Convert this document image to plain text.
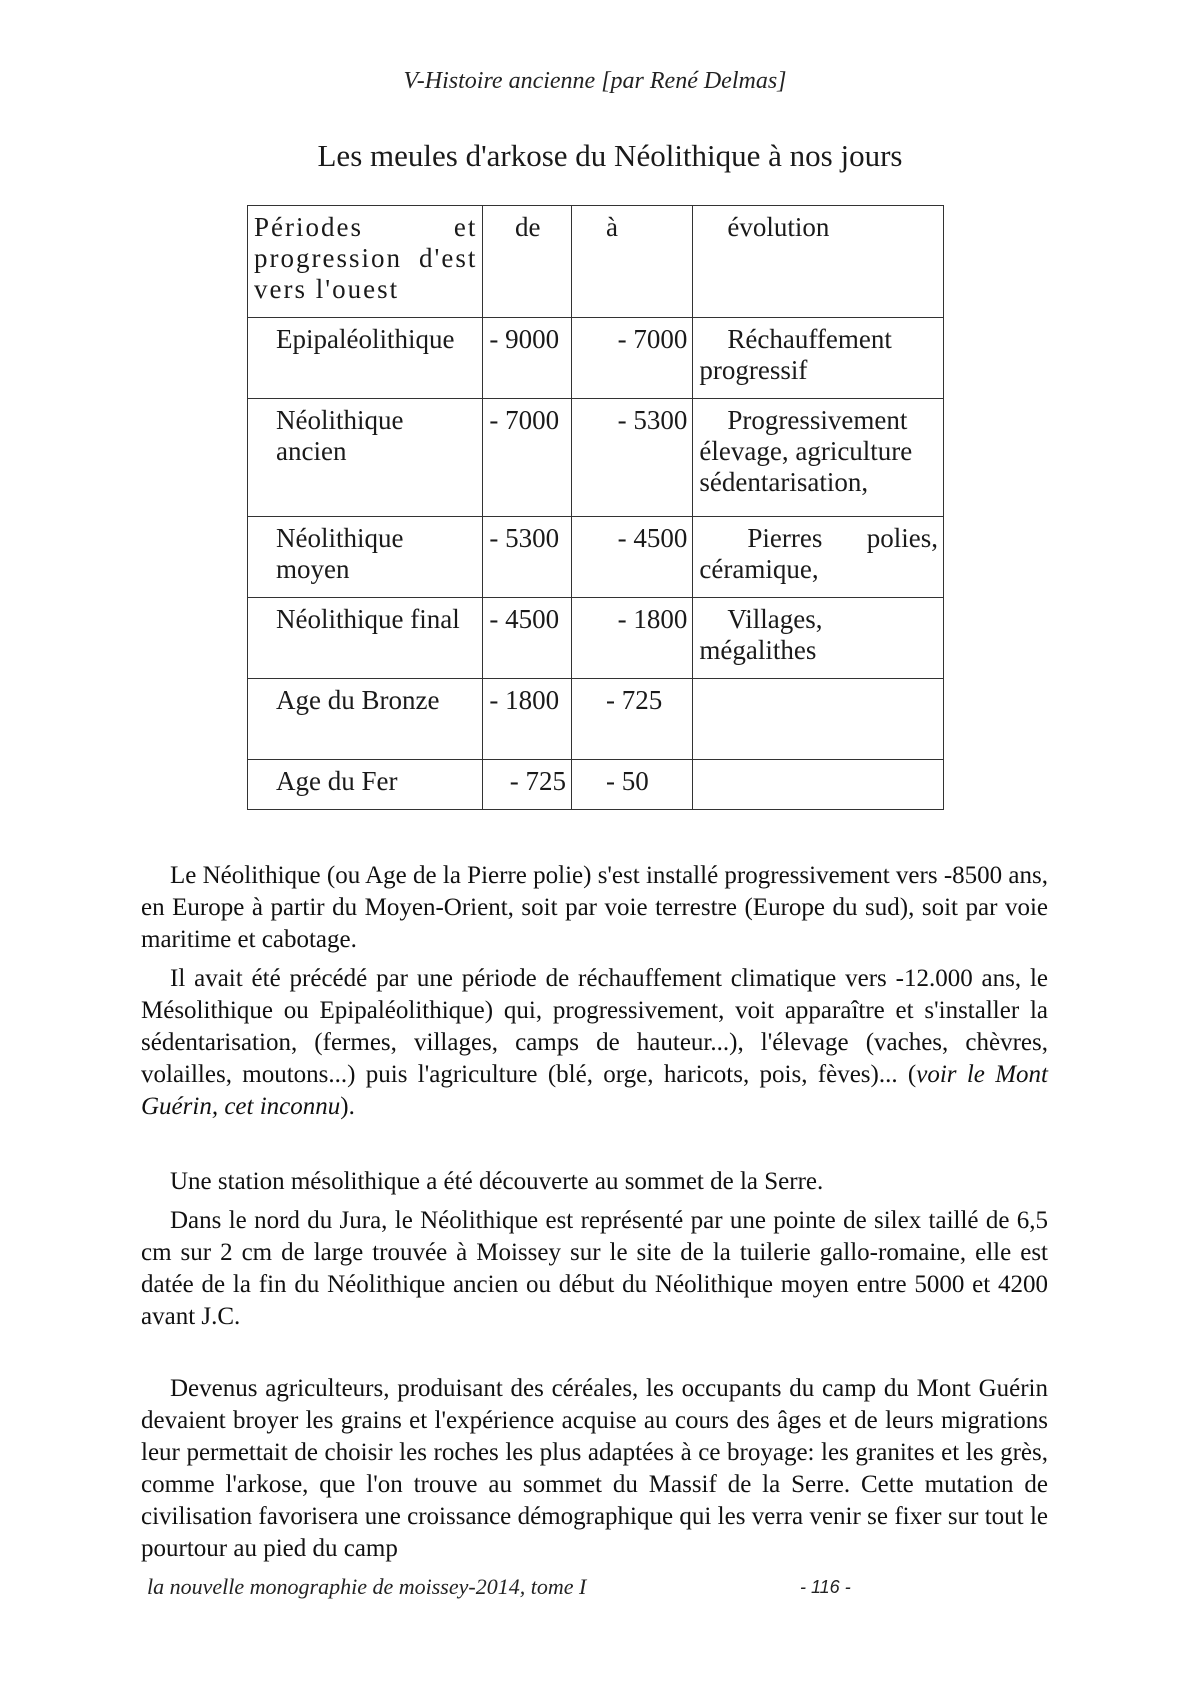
V-Histoire ancienne [par René Delmas]
Les meules d'arkose du Néolithique à nos jours
Périodes et progression d'est vers l'ouest	de	à	évolution
Epipaléolithique	- 9000	- 7000	Réchauffement progressif
Néolithique ancien	- 7000	- 5300	Progressivement élevage, agriculture sédentarisation,
Néolithique moyen	- 5300	- 4500	Pierres polies, céramique,
Néolithique final	- 4500	- 1800	Villages, mégalithes
Age du Bronze	- 1800	- 725	
Age du Fer	- 725	- 50	

Le Néolithique (ou Age de la Pierre polie) s'est installé progressivement vers -8500 ans, en Europe à partir du Moyen-Orient, soit par voie terrestre (Europe du sud), soit par voie maritime et cabotage.

Il avait été précédé par une période de réchauffement climatique vers -12.000 ans, le Mésolithique ou Epipaléolithique) qui, progressivement, voit apparaître et s'installer la sédentarisation, (fermes, villages, camps de hauteur...), l'élevage (vaches, chèvres, volailles, moutons...) puis l'agriculture (blé, orge, haricots, pois, fèves)... (voir le Mont Guérin, cet inconnu).

Une station mésolithique a été découverte au sommet de la Serre.

Dans le nord du Jura, le Néolithique est représenté par une pointe de silex taillé de 6,5 cm sur 2 cm de large trouvée à Moissey sur le site de la tuilerie gallo-romaine, elle est datée de la fin du Néolithique ancien ou début du Néolithique moyen entre 5000 et 4200 avant J.C.

Devenus agriculteurs, produisant des céréales, les occupants du camp du Mont Guérin devaient broyer les grains et l'expérience acquise au cours des âges et de leurs migrations leur permettait de choisir les roches les plus adaptées à ce broyage: les granites et les grès, comme l'arkose, que l'on trouve au sommet du Massif de la Serre. Cette mutation de civilisation favorisera une croissance démographique qui les verra venir se fixer sur tout le pourtour au pied du camp

la nouvelle monographie de moissey-2014, tome I	- 116 -
